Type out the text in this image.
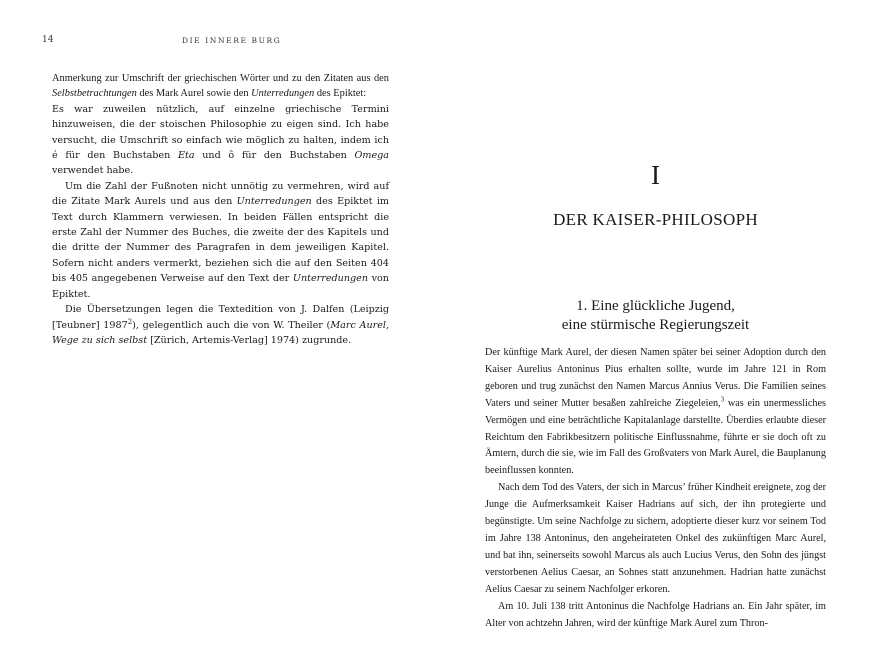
14	DIE INNERE BURG

Anmerkung zur Umschrift der griechischen Wörter und zu den Zitaten aus den Selbstbetrachtungen des Mark Aurel sowie den Unterredungen des Epiktet:

Es war zuweilen nützlich, auf einzelne griechische Termini hinzuweisen, die der stoischen Philosophie zu eigen sind. Ich habe versucht, die Umschrift so einfach wie möglich zu halten, indem ich é für den Buchstaben Eta und ô für den Buchstaben Omega verwendet habe.

Um die Zahl der Fußnoten nicht unnötig zu vermehren, wird auf die Zitate Mark Aurels und aus den Unterredungen des Epiktet im Text durch Klammern verwiesen. In beiden Fällen entspricht die erste Zahl der Nummer des Buches, die zweite der des Kapitels und die dritte der Nummer des Paragrafen in dem jeweiligen Kapitel. Sofern nicht anders vermerkt, beziehen sich die auf den Seiten 404 bis 405 angegebenen Verweise auf den Text der Unterredungen von Epiktet.

Die Übersetzungen legen die Textedition von J. Dalfen (Leipzig [Teubner] 1987$^2$), gelegentlich auch die von W. Theiler (Marc Aurel, Wege zu sich selbst [Zürich, Artemis-Verlag] 1974) zugrunde.

I
DER KAISER-PHILOSOPH
1. Eine glückliche Jugend,
eine stürmische Regierungszeit

Der künftige Mark Aurel, der diesen Namen später bei seiner Adoption durch den Kaiser Aurelius Antoninus Pius erhalten sollte, wurde im Jahre 121 in Rom geboren und trug zunächst den Namen Marcus Annius Verus. Die Familien seines Vaters und seiner Mutter besaßen zahlreiche Ziegeleien,$^3$ was ein unermessliches Vermögen und eine beträchtliche Kapitalanlage darstellte. Überdies erlaubte dieser Reichtum den Fabrikbesitzern politische Einflussnahme, führte er sie doch oft zu Ämtern, durch die sie, wie im Fall des Großvaters von Mark Aurel, die Bauplanung beeinflussen konnten.

Nach dem Tod des Vaters, der sich in Marcus’ früher Kindheit ereignete, zog der Junge die Aufmerksamkeit Kaiser Hadrians auf sich, der ihn protegierte und begünstigte. Um seine Nachfolge zu sichern, adoptierte dieser kurz vor seinem Tod im Jahre 138 Antoninus, den angeheirateten Onkel des zukünftigen Marc Aurel, und bat ihn, seinerseits sowohl Marcus als auch Lucius Verus, den Sohn des jüngst verstorbenen Aelius Caesar, an Sohnes statt anzunehmen. Hadrian hatte zunächst Aelius Caesar zu seinem Nachfolger erkoren.

Am 10. Juli 138 tritt Antoninus die Nachfolge Hadrians an. Ein Jahr später, im Alter von achtzehn Jahren, wird der künftige Mark Aurel zum Thron-
